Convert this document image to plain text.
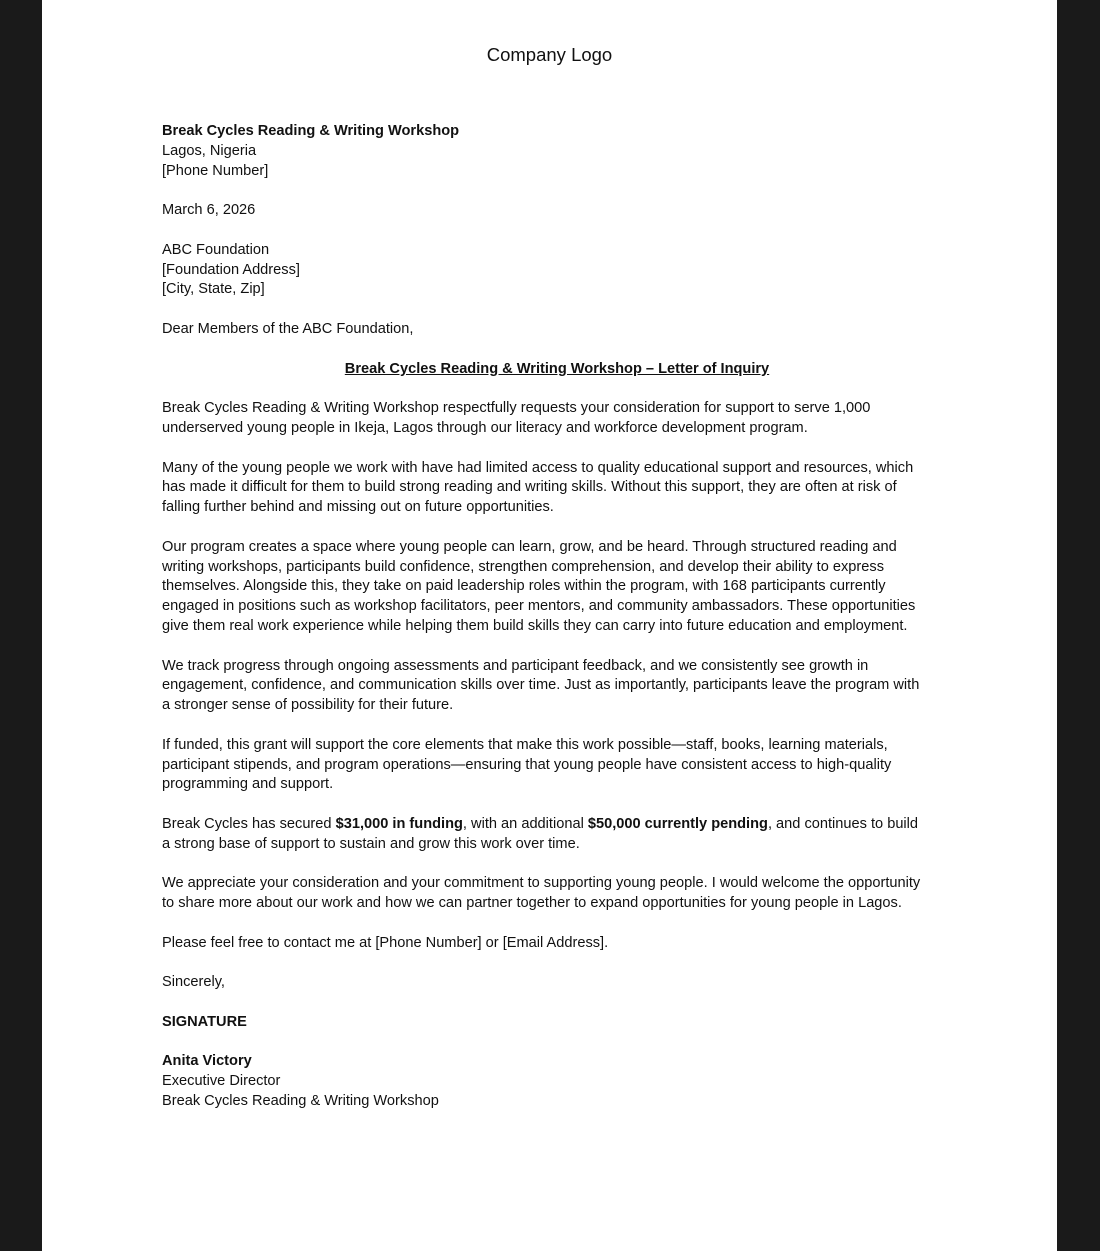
Company Logo

Break Cycles Reading & Writing Workshop
Lagos, Nigeria
[Phone Number]

March 6, 2026

ABC Foundation
[Foundation Address]
[City, State, Zip]

Dear Members of the ABC Foundation,

Break Cycles Reading & Writing Workshop – Letter of Inquiry

Break Cycles Reading & Writing Workshop respectfully requests your consideration for support to serve 1,000
underserved young people in Ikeja, Lagos through our literacy and workforce development program.

Many of the young people we work with have had limited access to quality educational support and resources, which
has made it difficult for them to build strong reading and writing skills. Without this support, they are often at risk of
falling further behind and missing out on future opportunities.

Our program creates a space where young people can learn, grow, and be heard. Through structured reading and
writing workshops, participants build confidence, strengthen comprehension, and develop their ability to express
themselves. Alongside this, they take on paid leadership roles within the program, with 168 participants currently
engaged in positions such as workshop facilitators, peer mentors, and community ambassadors. These opportunities
give them real work experience while helping them build skills they can carry into future education and employment.

We track progress through ongoing assessments and participant feedback, and we consistently see growth in
engagement, confidence, and communication skills over time. Just as importantly, participants leave the program with
a stronger sense of possibility for their future.

If funded, this grant will support the core elements that make this work possible—staff, books, learning materials,
participant stipends, and program operations—ensuring that young people have consistent access to high-quality
programming and support.

Break Cycles has secured $31,000 in funding, with an additional $50,000 currently pending, and continues to build
a strong base of support to sustain and grow this work over time.

We appreciate your consideration and your commitment to supporting young people. I would welcome the opportunity
to share more about our work and how we can partner together to expand opportunities for young people in Lagos.

Please feel free to contact me at [Phone Number] or [Email Address].

Sincerely,

SIGNATURE

Anita Victory
Executive Director
Break Cycles Reading & Writing Workshop
